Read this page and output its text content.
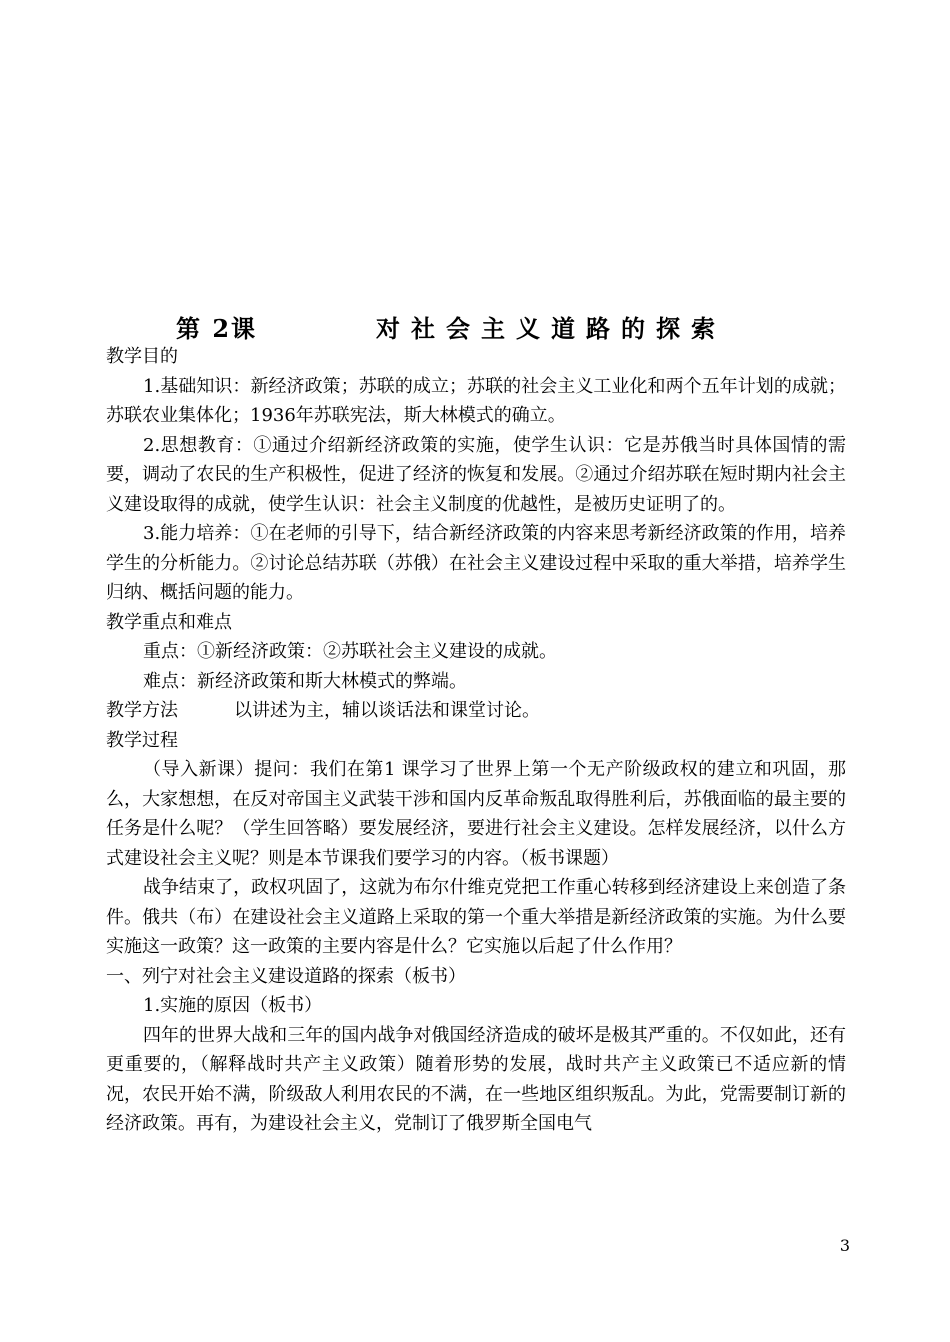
第 2课	对社会主义道路的探索

教学目的

1.基础知识：新经济政策；苏联的成立；苏联的社会主义工业化和两个五年计划的成就；苏联农业集体化；1936年苏联宪法，斯大林模式的确立。

2.思想教育：①通过介绍新经济政策的实施，使学生认识：它是苏俄当时具体国情的需要，调动了农民的生产积极性，促进了经济的恢复和发展。②通过介绍苏联在短时期内社会主义建设取得的成就，使学生认识：社会主义制度的优越性，是被历史证明了的。

3.能力培养：①在老师的引导下，结合新经济政策的内容来思考新经济政策的作用，培养学生的分析能力。②讨论总结苏联（苏俄）在社会主义建设过程中采取的重大举措，培养学生归纳、概括问题的能力。

教学重点和难点

重点：①新经济政策：②苏联社会主义建设的成就。

难点：新经济政策和斯大林模式的弊端。

教学方法	以讲述为主，辅以谈话法和课堂讨论。

教学过程

（导入新课）提问：我们在第1 课学习了世界上第一个无产阶级政权的建立和巩固，那么，大家想想，在反对帝国主义武装干涉和国内反革命叛乱取得胜利后，苏俄面临的最主要的任务是什么呢？（学生回答略）要发展经济，要进行社会主义建设。怎样发展经济，以什么方式建设社会主义呢？则是本节课我们要学习的内容。（板书课题）

战争结束了，政权巩固了，这就为布尔什维克党把工作重心转移到经济建设上来创造了条件。俄共（布）在建设社会主义道路上采取的第一个重大举措是新经济政策的实施。为什么要实施这一政策？这一政策的主要内容是什么？它实施以后起了什么作用？

一、列宁对社会主义建设道路的探索（板书）

1.实施的原因（板书）

四年的世界大战和三年的国内战争对俄国经济造成的破坏是极其严重的。不仅如此，还有更重要的，（解释战时共产主义政策）随着形势的发展，战时共产主义政策已不适应新的情况，农民开始不满，阶级敌人利用农民的不满，在一些地区组织叛乱。为此，党需要制订新的经济政策。再有，为建设社会主义，党制订了俄罗斯全国电气

3
